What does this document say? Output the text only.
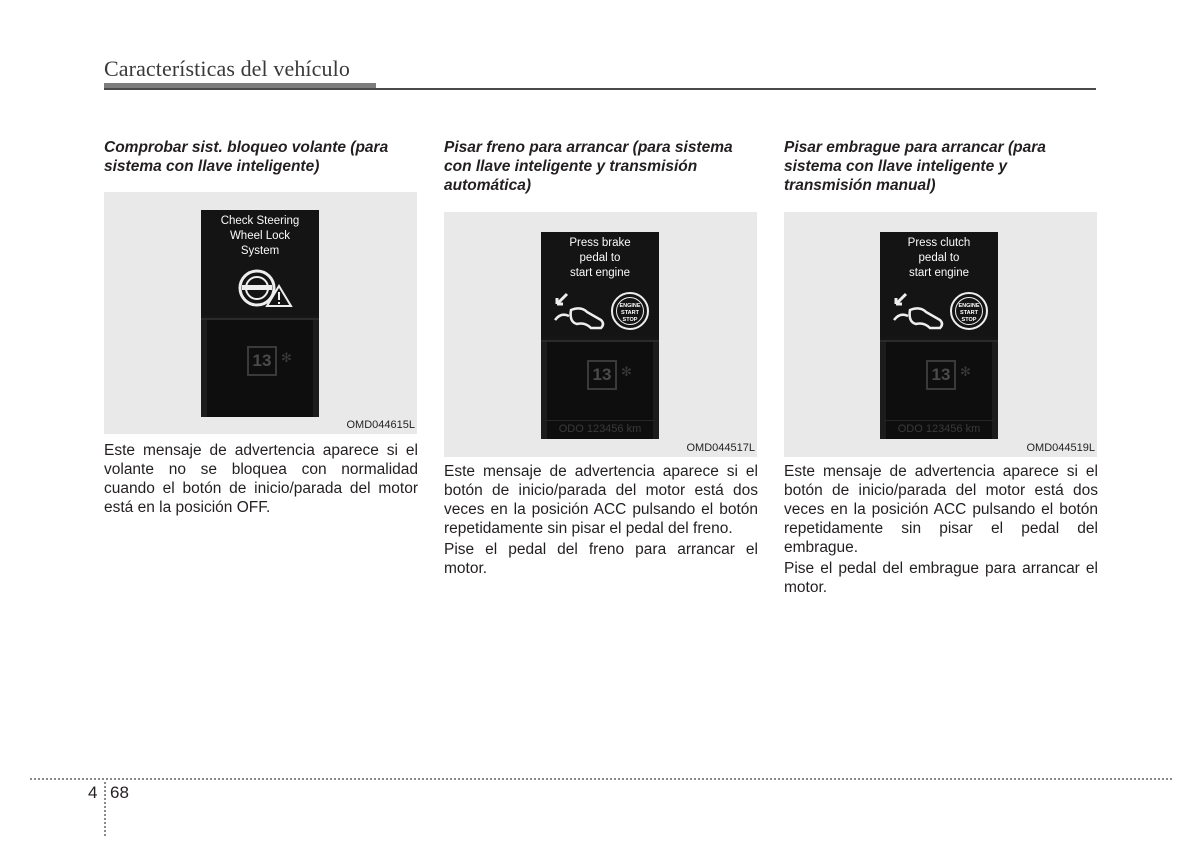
Características del vehículo

Comprobar sist. bloqueo volante (para sistema con llave inteligente)

Check Steering
Wheel Lock
System
13 ✻
OMD044615L

Este mensaje de advertencia aparece si el volante no se bloquea con normalidad cuando el botón de inicio/parada del motor está en la posición OFF.

Pisar freno para arrancar (para sistema con llave inteligente y transmisión automática)

Press brake
pedal to
start engine
ENGINE
START
STOP
13 ✻
ODO 123456 km
OMD044517L

Este mensaje de advertencia aparece si el botón de inicio/parada del motor está dos veces en la posición ACC pulsando el botón repetidamente sin pisar el pedal del freno.

Pise el pedal del freno para arrancar el motor.

Pisar embrague para arrancar (para sistema con llave inteligente y transmisión manual)

Press clutch
pedal to
start engine
ENGINE
START
STOP
13 ✻
ODO 123456 km
OMD044519L

Este mensaje de advertencia aparece si el botón de inicio/parada del motor está dos veces en la posición ACC pulsando el botón repetidamente sin pisar el pedal del embrague.

Pise el pedal del embrague para arrancar el motor.

4 68
